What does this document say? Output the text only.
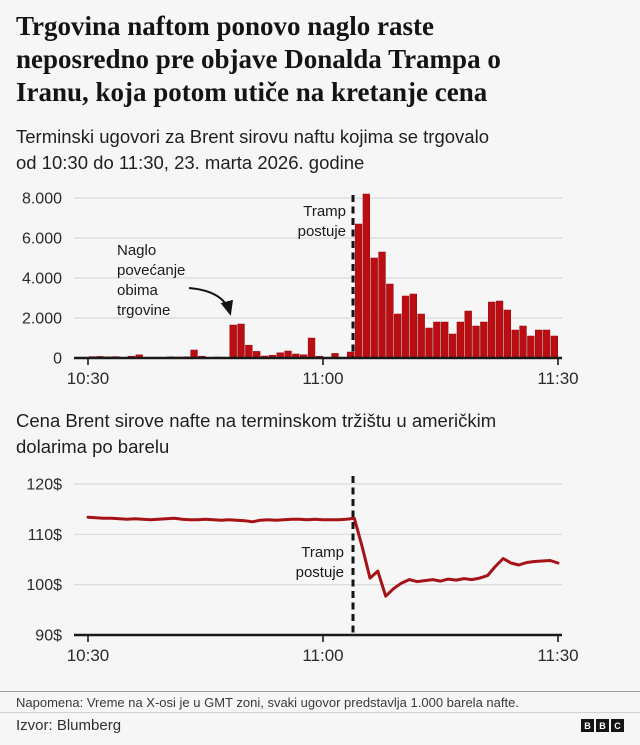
Trgovina naftom ponovo naglo raste
neposredno pre objave Donalda Trampa o
Iranu, koja potom utiče na kretanje cena
Terminski ugovori za Brent sirovu naftu kojima se trgovalo
od 10:30 do 11:30, 23. marta 2026. godine
8.000
6.000
4.000
2.000
0
Tramp
postuje
Naglo
povećanje
obima
trgovine
10:30	11:00	11:30
Cena Brent sirove nafte na terminskom tržištu u američkim
dolarima po barelu
120$
110$
100$
90$
Tramp
postuje
10:30	11:00	11:30
Napomena: Vreme na X-osi je u GMT zoni, svaki ugovor predstavlja 1.000 barela nafte.
Izvor: Blumberg	B B C
